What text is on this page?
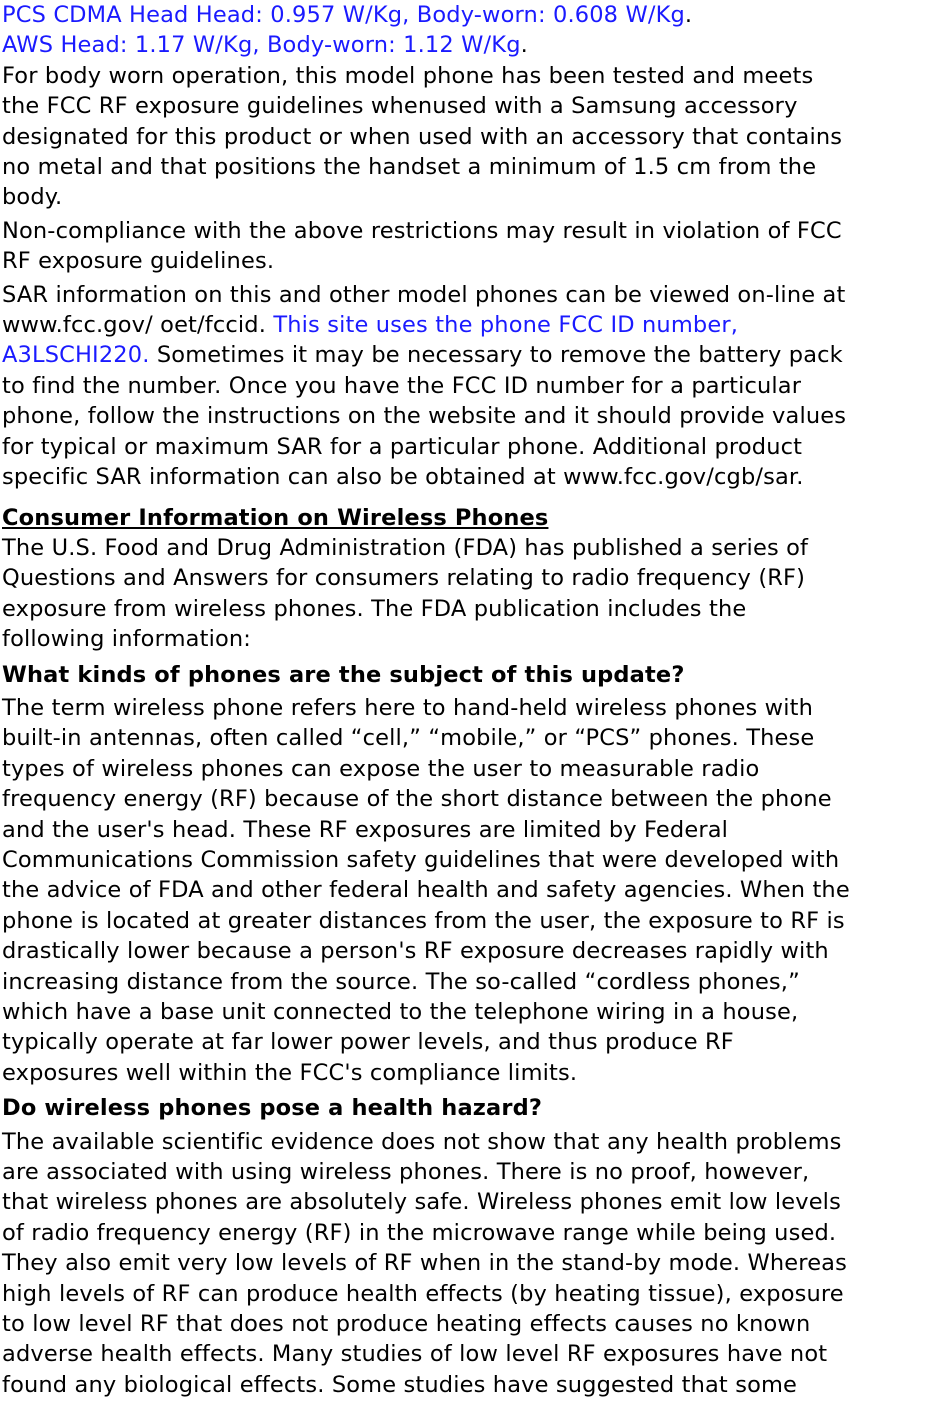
PCS CDMA Head Head: 0.957 W/Kg, Body-worn: 0.608 W/Kg.
AWS Head: 1.17 W/Kg, Body-worn: 1.12 W/Kg.
For body worn operation, this model phone has been tested and meets
the FCC RF exposure guidelines whenused with a Samsung accessory
designated for this product or when used with an accessory that contains
no metal and that positions the handset a minimum of 1.5 cm from the
body.
Non-compliance with the above restrictions may result in violation of FCC
RF exposure guidelines.
SAR information on this and other model phones can be viewed on-line at
www.fcc.gov/ oet/fccid. This site uses the phone FCC ID number,
A3LSCHI220. Sometimes it may be necessary to remove the battery pack
to find the number. Once you have the FCC ID number for a particular
phone, follow the instructions on the website and it should provide values
for typical or maximum SAR for a particular phone. Additional product
specific SAR information can also be obtained at www.fcc.gov/cgb/sar.
Consumer Information on Wireless Phones
The U.S. Food and Drug Administration (FDA) has published a series of
Questions and Answers for consumers relating to radio frequency (RF)
exposure from wireless phones. The FDA publication includes the
following information:
What kinds of phones are the subject of this update?
The term wireless phone refers here to hand-held wireless phones with
built-in antennas, often called “cell,” “mobile,” or “PCS” phones. These
types of wireless phones can expose the user to measurable radio
frequency energy (RF) because of the short distance between the phone
and the user's head. These RF exposures are limited by Federal
Communications Commission safety guidelines that were developed with
the advice of FDA and other federal health and safety agencies. When the
phone is located at greater distances from the user, the exposure to RF is
drastically lower because a person's RF exposure decreases rapidly with
increasing distance from the source. The so-called “cordless phones,”
which have a base unit connected to the telephone wiring in a house,
typically operate at far lower power levels, and thus produce RF
exposures well within the FCC's compliance limits.
Do wireless phones pose a health hazard?
The available scientific evidence does not show that any health problems
are associated with using wireless phones. There is no proof, however,
that wireless phones are absolutely safe. Wireless phones emit low levels
of radio frequency energy (RF) in the microwave range while being used.
They also emit very low levels of RF when in the stand-by mode. Whereas
high levels of RF can produce health effects (by heating tissue), exposure
to low level RF that does not produce heating effects causes no known
adverse health effects. Many studies of low level RF exposures have not
found any biological effects. Some studies have suggested that some
